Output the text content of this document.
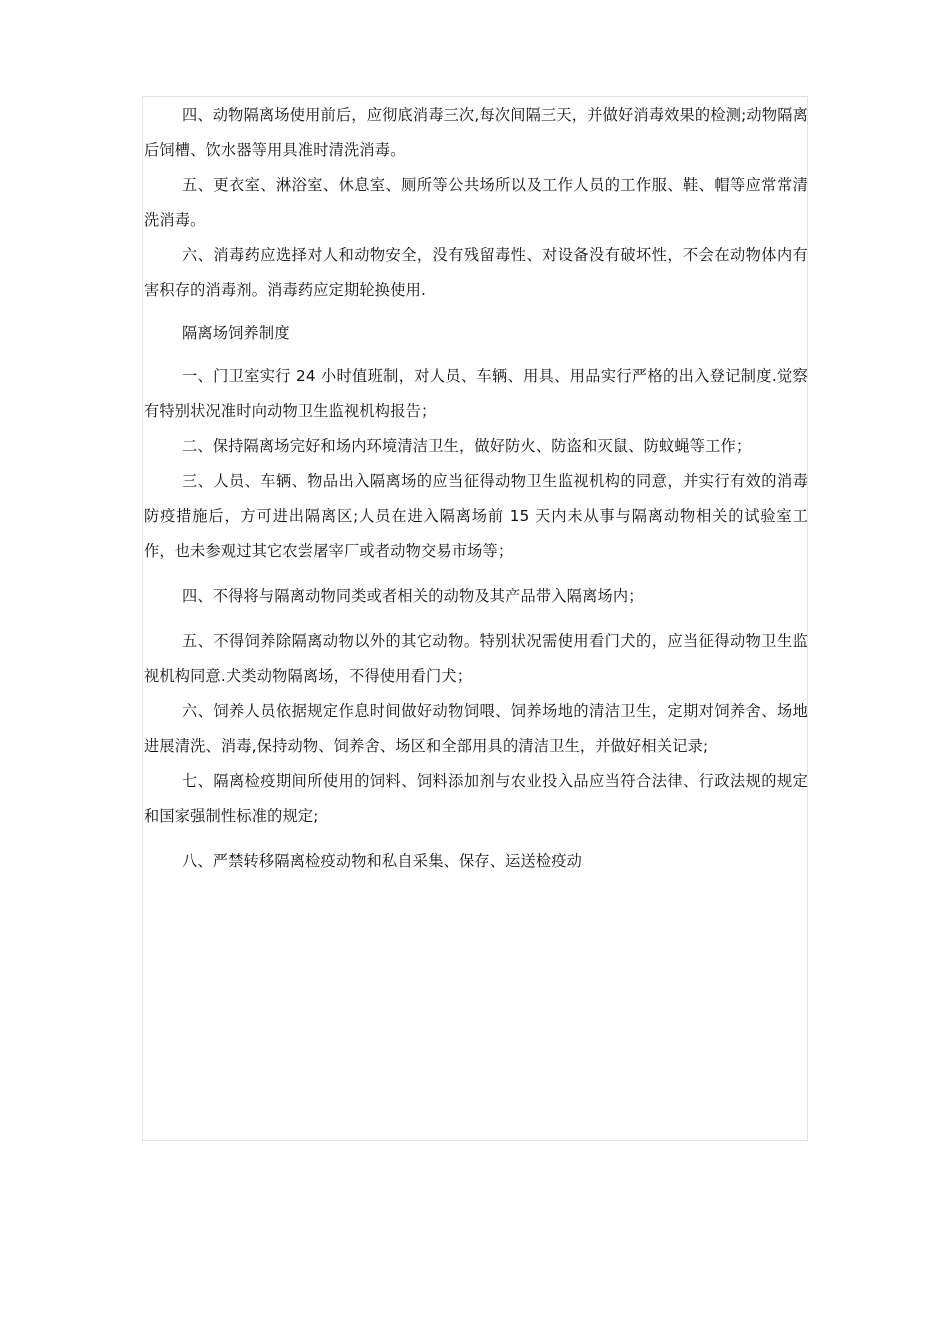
四、动物隔离场使用前后，应彻底消毒三次,每次间隔三天，并做好消毒效果的检测;动物隔离后饲槽、饮水器等用具准时清洗消毒。

五、更衣室、淋浴室、休息室、厕所等公共场所以及工作人员的工作服、鞋、帽等应常常清洗消毒。

六、消毒药应选择对人和动物安全，没有残留毒性、对设备没有破坏性，不会在动物体内有害积存的消毒剂。消毒药应定期轮换使用.

隔离场饲养制度

一、门卫室实行 24 小时值班制，对人员、车辆、用具、用品实行严格的出入登记制度.觉察有特别状况准时向动物卫生监视机构报告；

二、保持隔离场完好和场内环境清洁卫生，做好防火、防盗和灭鼠、防蚊蝇等工作；

三、人员、车辆、物品出入隔离场的应当征得动物卫生监视机构的同意，并实行有效的消毒防疫措施后，方可进出隔离区;人员在进入隔离场前 15 天内未从事与隔离动物相关的试验室工作，也未参观过其它农尝屠宰厂或者动物交易市场等；

四、不得将与隔离动物同类或者相关的动物及其产品带入隔离场内；

五、不得饲养除隔离动物以外的其它动物。特别状况需使用看门犬的，应当征得动物卫生监视机构同意.犬类动物隔离场，不得使用看门犬；

六、饲养人员依据规定作息时间做好动物饲喂、饲养场地的清洁卫生，定期对饲养舍、场地进展清洗、消毒,保持动物、饲养舍、场区和全部用具的清洁卫生，并做好相关记录;

七、隔离检疫期间所使用的饲料、饲料添加剂与农业投入品应当符合法律、行政法规的规定和国家强制性标准的规定;

八、严禁转移隔离检疫动物和私自采集、保存、运送检疫动
